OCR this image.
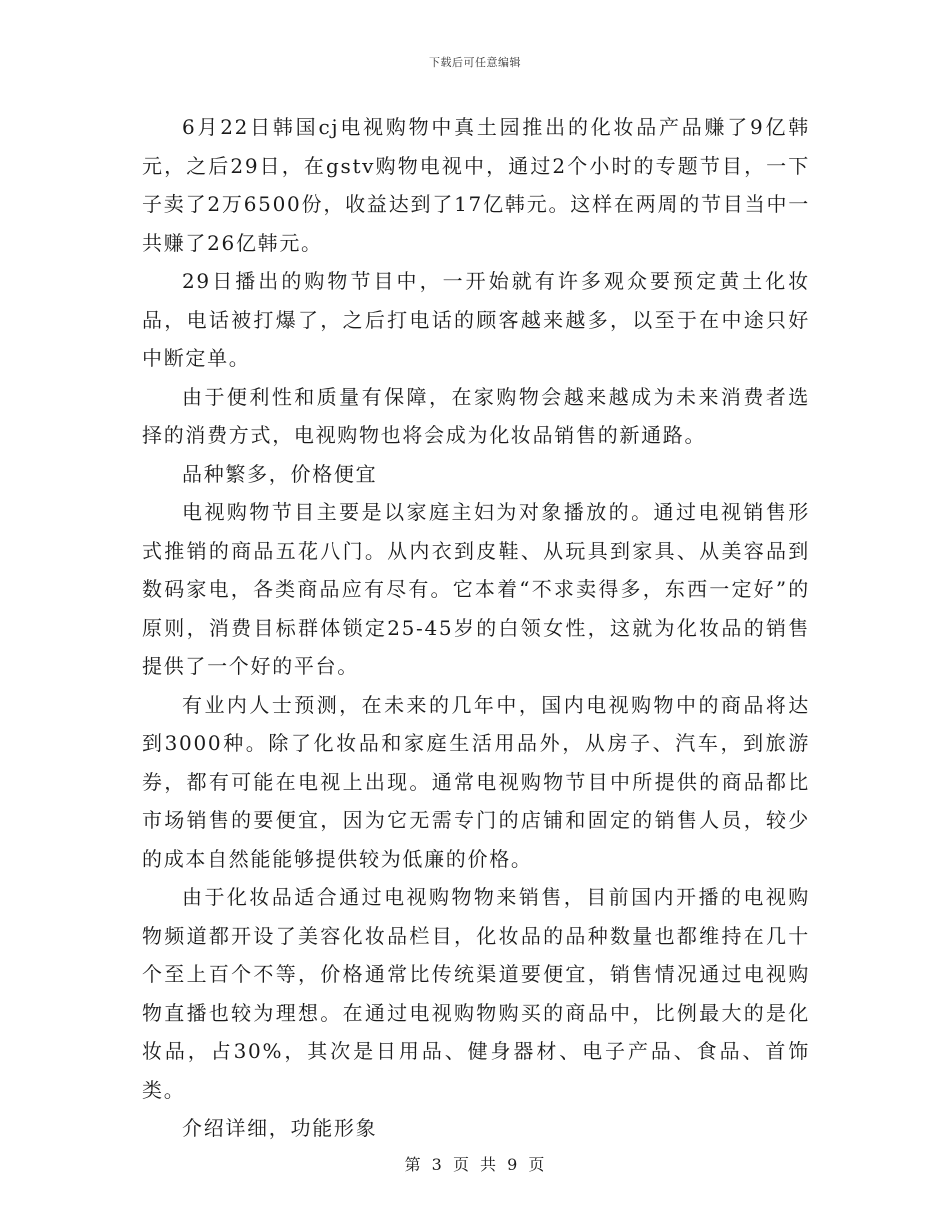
下载后可任意编辑

6月22日韩国cj电视购物中真土园推出的化妆品产品赚了9亿韩元，之后29日，在gstv购物电视中，通过2个小时的专题节目，一下子卖了2万6500份，收益达到了17亿韩元。这样在两周的节目当中一共赚了26亿韩元。

29日播出的购物节目中，一开始就有许多观众要预定黄土化妆品，电话被打爆了，之后打电话的顾客越来越多，以至于在中途只好中断定单。

由于便利性和质量有保障，在家购物会越来越成为未来消费者选择的消费方式，电视购物也将会成为化妆品销售的新通路。

品种繁多，价格便宜

电视购物节目主要是以家庭主妇为对象播放的。通过电视销售形式推销的商品五花八门。从内衣到皮鞋、从玩具到家具、从美容品到数码家电，各类商品应有尽有。它本着“不求卖得多，东西一定好”的原则，消费目标群体锁定25-45岁的白领女性，这就为化妆品的销售提供了一个好的平台。

有业内人士预测，在未来的几年中，国内电视购物中的商品将达到3000种。除了化妆品和家庭生活用品外，从房子、汽车，到旅游券，都有可能在电视上出现。通常电视购物节目中所提供的商品都比市场销售的要便宜，因为它无需专门的店铺和固定的销售人员，较少的成本自然能能够提供较为低廉的价格。

由于化妆品适合通过电视购物物来销售，目前国内开播的电视购物频道都开设了美容化妆品栏目，化妆品的品种数量也都维持在几十个至上百个不等，价格通常比传统渠道要便宜，销售情况通过电视购物直播也较为理想。在通过电视购物购买的商品中，比例最大的是化妆品，占30%，其次是日用品、健身器材、电子产品、食品、首饰类。

介绍详细，功能形象

第 3 页 共 9 页
